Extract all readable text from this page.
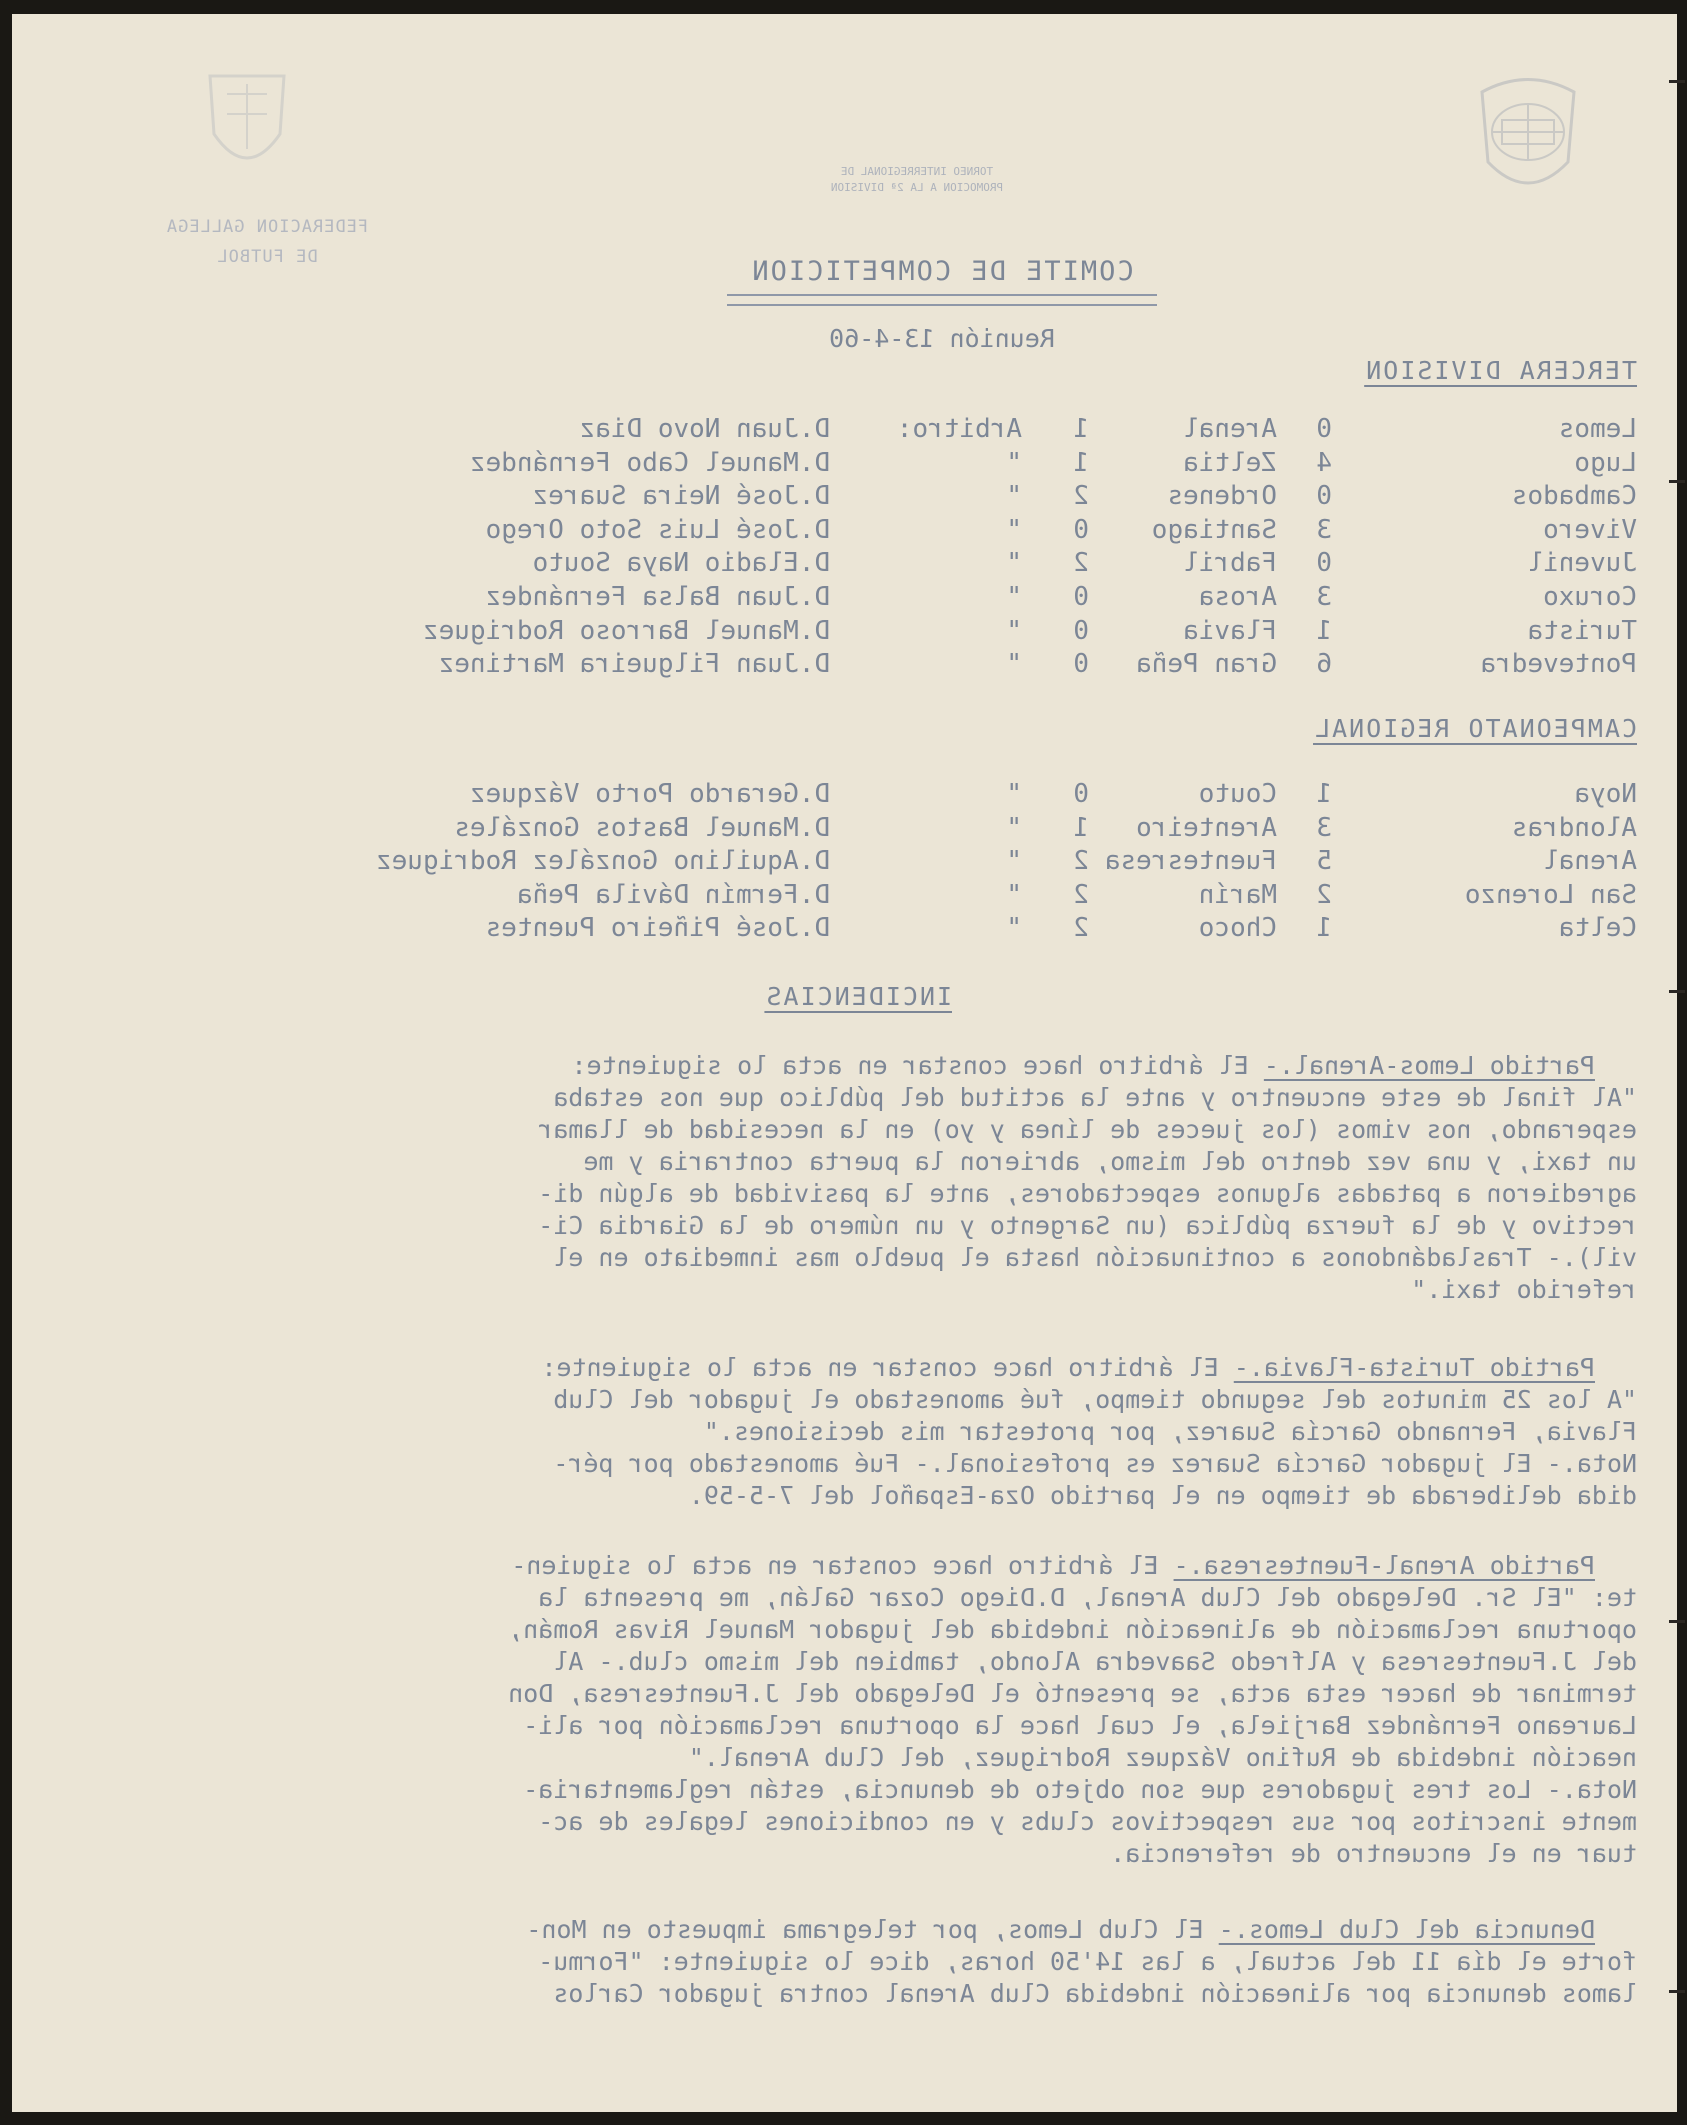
TORNEO INTERREGIONAL DE
PROMOCION A LA 2ª DIVISION
FEDERACION GALLEGA
DE FUTBOL	COMITE DE COMPETICION
Reunión 13-4-60
TERCERA DIVISION
Lemos
0
Arenal
1
Arbitro:
D.Juan Novo Diaz
Lugo
4
Zeltia
1
"
D.Manuel Cabo Fernández
Cambados
0
Ordenes
2
"
D.José Neira Suarez
Vivero
3
Santiago
0
"
D.José Luis Soto Orego
Juvenil
0
Fabril
2
"
D.Eladio Naya Souto
Coruxo
3
Arosa
0
"
D.Juan Balsa Fernández
Turista
1
Flavia
0
"
D.Manuel Barroso Rodriguez
Pontevedra
6
Gran Peña
0
"
D.Juan Filgueira Martinez
CAMPEONATO REGIONAL
Noya
1
Couto
0
"
D.Gerardo Porto Vázquez
Alondras
3
Arenteiro
1
"
D.Manuel Bastos Gonzáles
Arenal
5
Fuentesresa
2
"
D.Aquilino González Rodriguez
San Lorenzo
2
Marín
2
"
D.Fermín Dávila Peña
Celta
1
Choco
2
"
D.José Piñeiro Puentes
INCIDENCIAS

Partido Lemos-Arenal.- El árbitro hace constar en acta lo siguiente:

"Al final de este encuentro y ante la actitud del público que nos estaba

esperando, nos vimos (los jueces de línea y yo) en la necesidad de llamar

un taxi, y una vez dentro del mismo, abrieron la puerta contraria y me

agredieron a patadas algunos espectadores, ante la pasividad de algún di-

rectivo y de la fuerza pública (un Sargento y un número de la Giardia Ci-

vil).- Trasladándonos a continuación hasta el pueblo mas inmediato en el

referido taxi."

Partido Turista-Flavia.- El árbitro hace constar en acta lo siguiente:

"A los 25 minutos del segundo tiempo, fué amonestado el jugador del Club

Flavia, Fernando García Suarez, por protestar mis decisiones."

Nota.- El jugador García Suarez es profesional.- Fué amonestado por pér-

dida deliberada de tiempo en el partido Oza-Español del 7-5-59.

Partido Arenal-Fuentesresa.- El árbitro hace constar en acta lo siguien-

te: "El Sr. Delegado del Club Arenal, D.Diego Cozar Galán, me presenta la

oportuna reclamación de alineación indebida del jugador Manuel Rivas Román,

del J.Fuentesresa y Alfredo Saavedra Alondo, tambien del mismo club.- Al

terminar de hacer esta acta, se presentó el Delegado del J.Fuentesresa, Don

Laureano Fernández Barjiela, el cual hace la oportuna reclamación por ali-

neación indebida de Rufino Vázquez Rodriguez, del Club Arenal."

Nota.- Los tres jugadores que son objeto de denuncia, están reglamentaria-

mente inscritos por sus respectivos clubs y en condiciones legales de ac-

tuar en el encuentro de referencia.

Denuncia del Club Lemos.- El Club Lemos, por telegrama impuesto en Mon-

forte el día 11 del actual, a las 14'50 horas, dice lo siguiente: "Formu-

lamos denuncia por alineación indebida Club Arenal contra jugador Carlos
